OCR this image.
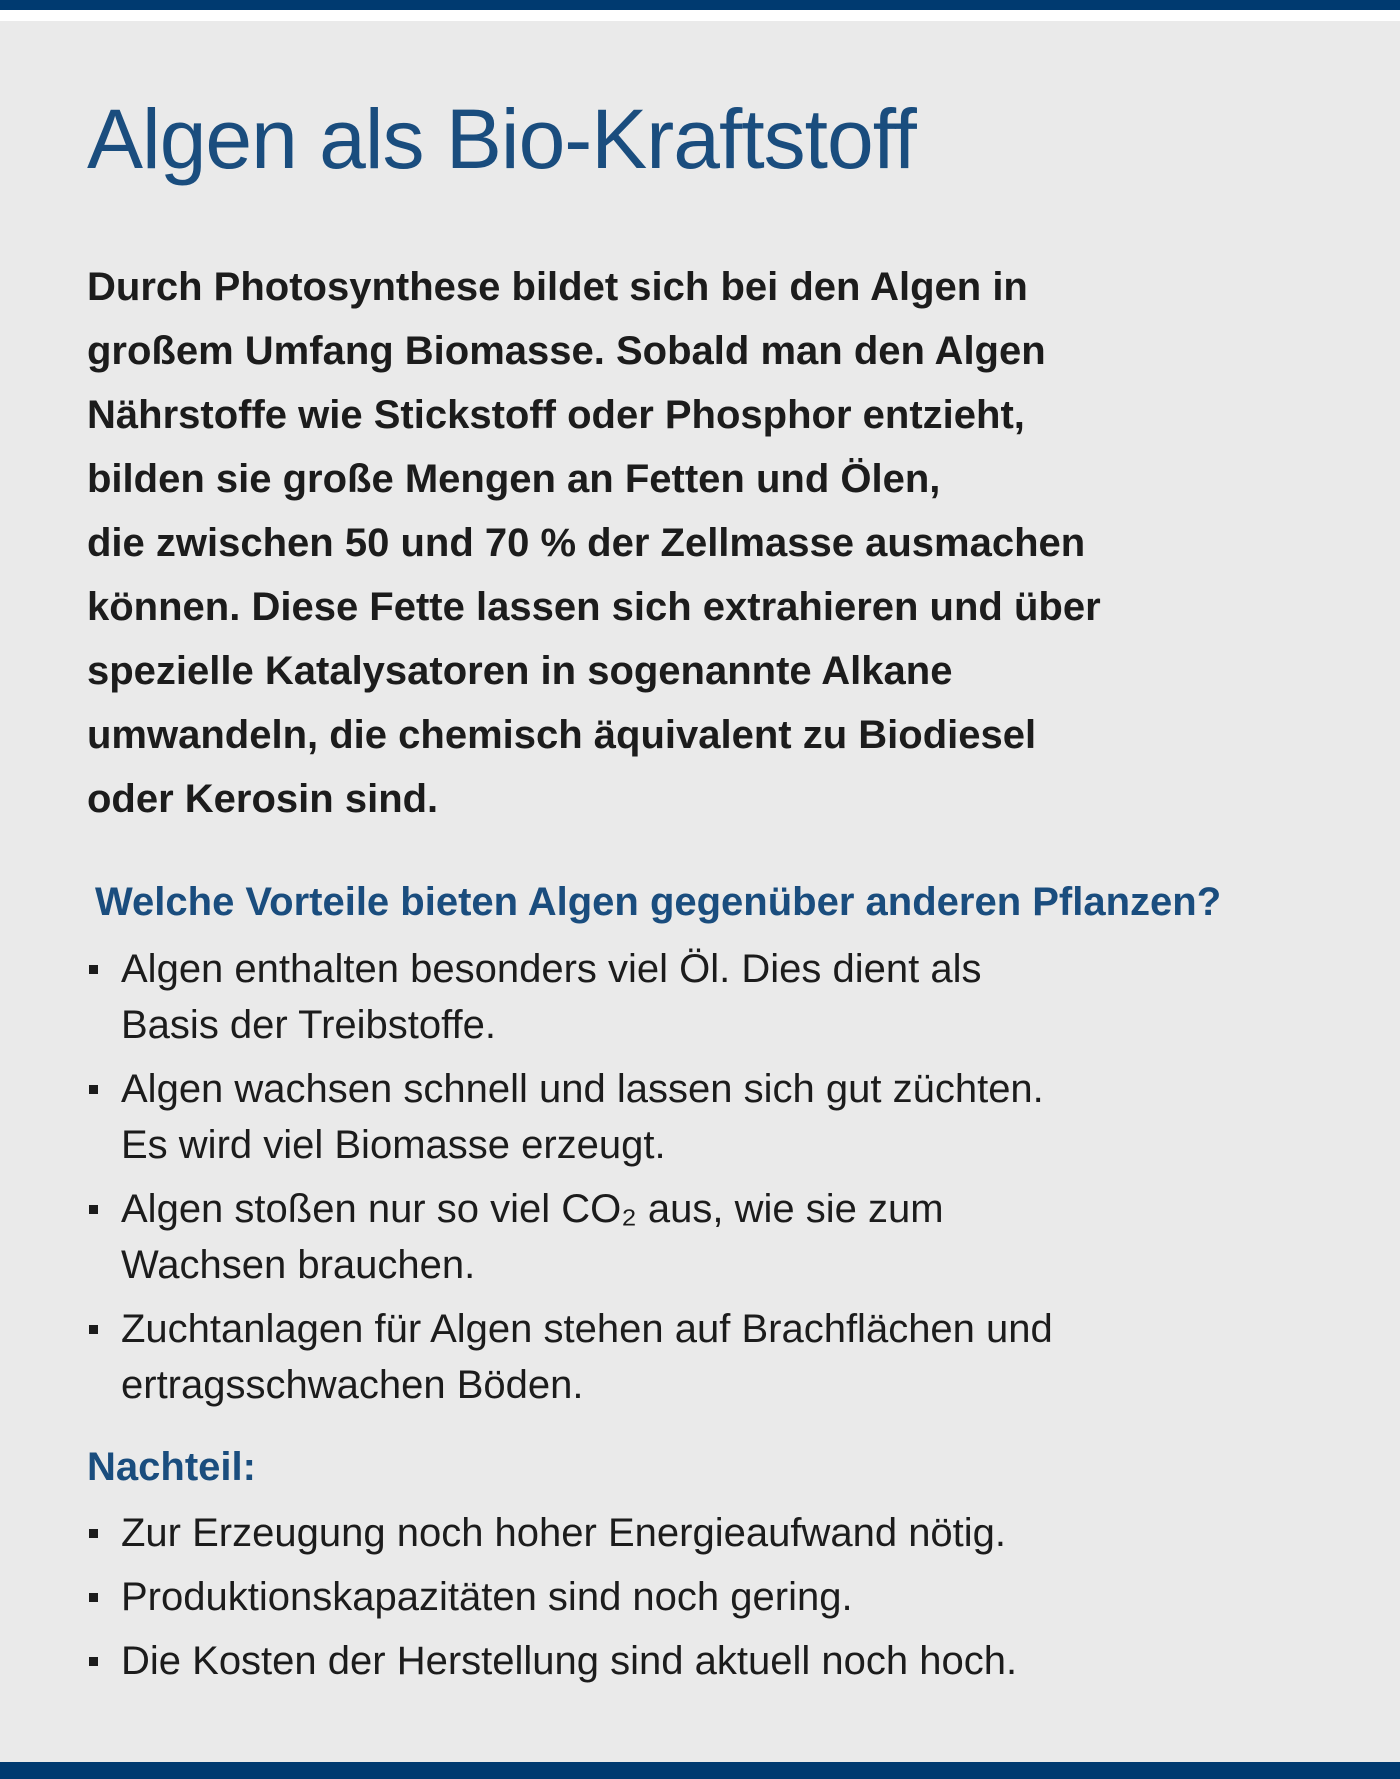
Algen als Bio-Kraftstoff

Durch Photosynthese bildet sich bei den Algen in
großem Umfang Biomasse. Sobald man den Algen
Nährstoffe wie Stickstoff oder Phosphor entzieht,
bilden sie große Mengen an Fetten und Ölen,
die zwischen 50 und 70 % der Zellmasse ausmachen
können. Diese Fette lassen sich extrahieren und über
spezielle Katalysatoren in sogenannte Alkane
umwandeln, die chemisch äquivalent zu Biodiesel
oder Kerosin sind.

Welche Vorteile bieten Algen gegenüber anderen Pflanzen?
Algen enthalten besonders viel Öl. Dies dient als
Basis der Treibstoffe.
Algen wachsen schnell und lassen sich gut züchten.
Es wird viel Biomasse erzeugt.
Algen stoßen nur so viel CO₂ aus, wie sie zum
Wachsen brauchen.
Zuchtanlagen für Algen stehen auf Brachflächen und
ertragsschwachen Böden.
Nachteil:
Zur Erzeugung noch hoher Energieaufwand nötig.
Produktionskapazitäten sind noch gering.
Die Kosten der Herstellung sind aktuell noch hoch.
